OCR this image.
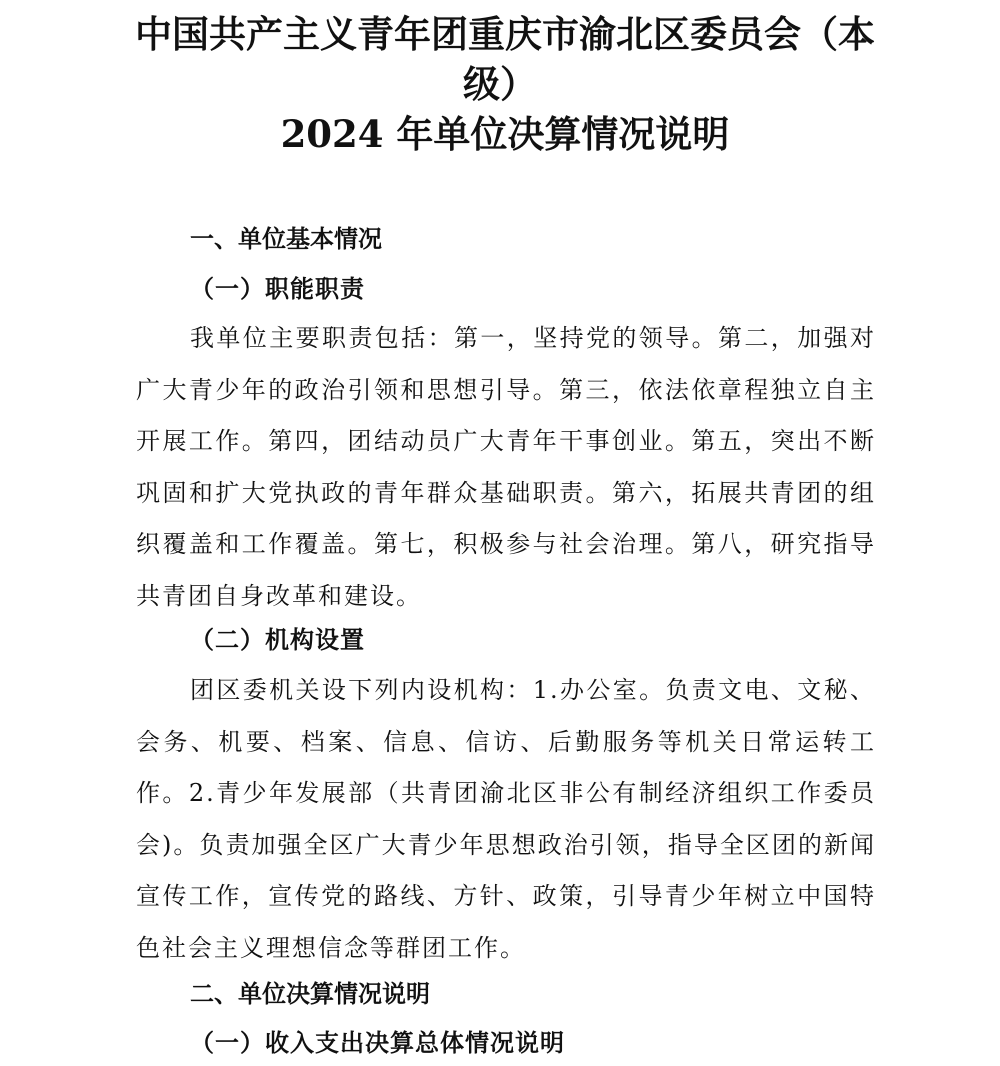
中国共产主义青年团重庆市渝北区委员会（本
级）
2024 年单位决算情况说明
一、单位基本情况
（一）职能职责

我单位主要职责包括：第一，坚持党的领导。第二，加强对广大青少年的政治引领和思想引导。第三，依法依章程独立自主开展工作。第四，团结动员广大青年干事创业。第五，突出不断巩固和扩大党执政的青年群众基础职责。第六，拓展共青团的组织覆盖和工作覆盖。第七，积极参与社会治理。第八，研究指导共青团自身改革和建设。

（二）机构设置

团区委机关设下列内设机构：1.办公室。负责文电、文秘、会务、机要、档案、信息、信访、后勤服务等机关日常运转工作。2.青少年发展部（共青团渝北区非公有制经济组织工作委员会)。负责加强全区广大青少年思想政治引领，指导全区团的新闻宣传工作，宣传党的路线、方针、政策，引导青少年树立中国特色社会主义理想信念等群团工作。

二、单位决算情况说明
（一）收入支出决算总体情况说明
